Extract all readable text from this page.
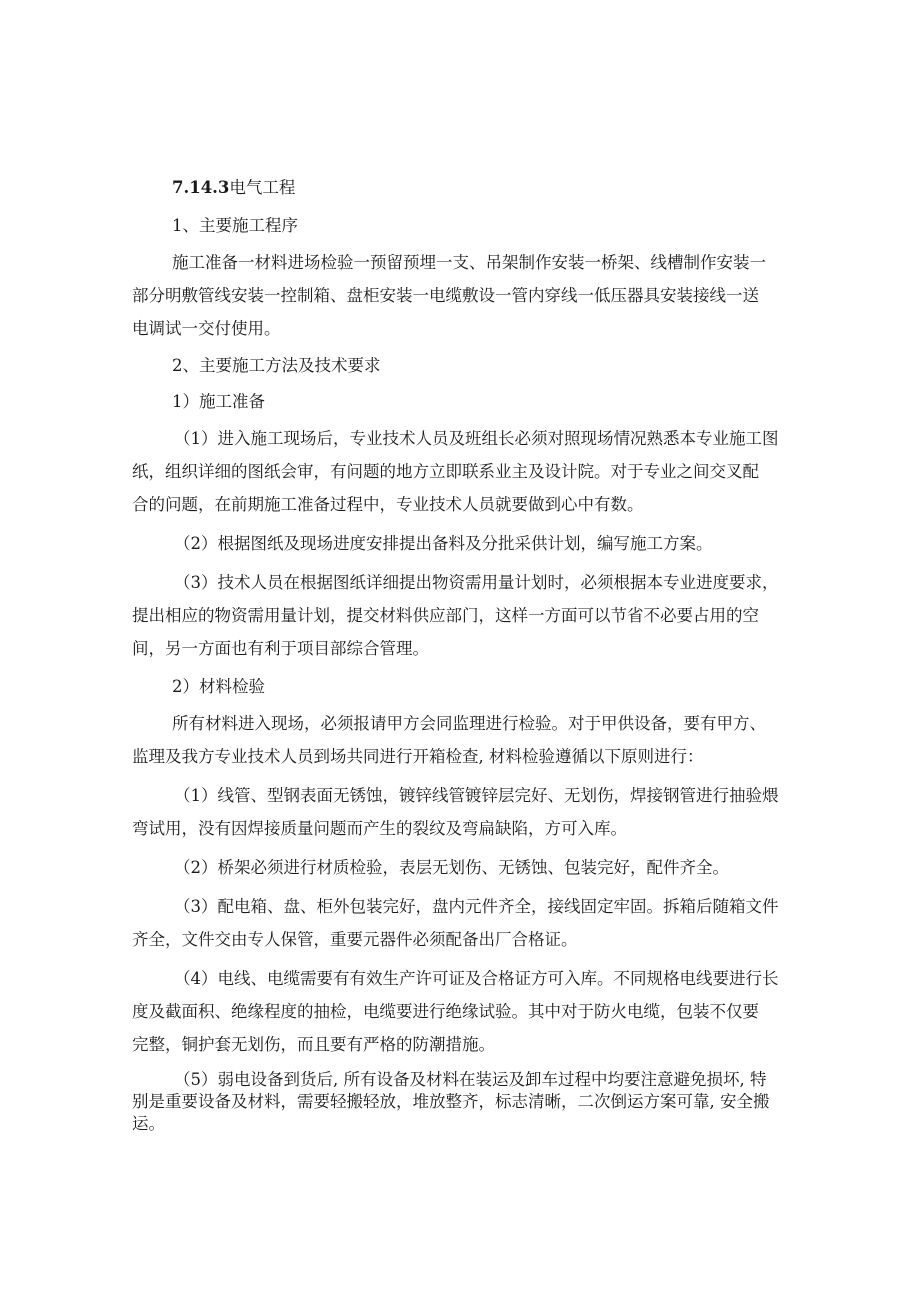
7.14.3电气工程
1、主要施工程序
施工准备一材料进场检验一预留预埋一支、吊架制作安装一桥架、线槽制作安装一
部分明敷管线安装一控制箱、盘柜安装一电缆敷设一管内穿线一低压器具安装接线一送
电调试一交付使用。
2、主要施工方法及技术要求
1）施工准备
（1）进入施工现场后，专业技术人员及班组长必须对照现场情况熟悉本专业施工图
纸，组织详细的图纸会审，有问题的地方立即联系业主及设计院。对于专业之间交叉配
合的问题，在前期施工准备过程中，专业技术人员就要做到心中有数。
（2）根据图纸及现场进度安排提出备料及分批采供计划，编写施工方案。
（3）技术人员在根据图纸详细提出物资需用量计划时，必须根据本专业进度要求，
提出相应的物资需用量计划，提交材料供应部门，这样一方面可以节省不必要占用的空
间，另一方面也有利于项目部综合管理。
2）材料检验
所有材料进入现场，必须报请甲方会同监理进行检验。对于甲供设备，要有甲方、
监理及我方专业技术人员到场共同进行开箱检查, 材料检验遵循以下原则进行：
（1）线管、型钢表面无锈蚀，镀锌线管镀锌层完好、无划伤，焊接钢管进行抽验煨
弯试用，没有因焊接质量问题而产生的裂纹及弯扁缺陷，方可入库。
（2）桥架必须进行材质检验，表层无划伤、无锈蚀、包装完好，配件齐全。
（3）配电箱、盘、柜外包装完好，盘内元件齐全，接线固定牢固。拆箱后随箱文件
齐全，文件交由专人保管，重要元器件必须配备出厂合格证。
（4）电线、电缆需要有有效生产许可证及合格证方可入库。不同规格电线要进行长
度及截面积、绝缘程度的抽检，电缆要进行绝缘试验。其中对于防火电缆，包装不仅要
完整，铜护套无划伤，而且要有严格的防潮措施。
（5）弱电设备到货后, 所有设备及材料在装运及卸车过程中均要注意避免损坏, 特
别是重要设备及材料，需要轻搬轻放，堆放整齐，标志清晰，二次倒运方案可靠, 安全搬
运。
